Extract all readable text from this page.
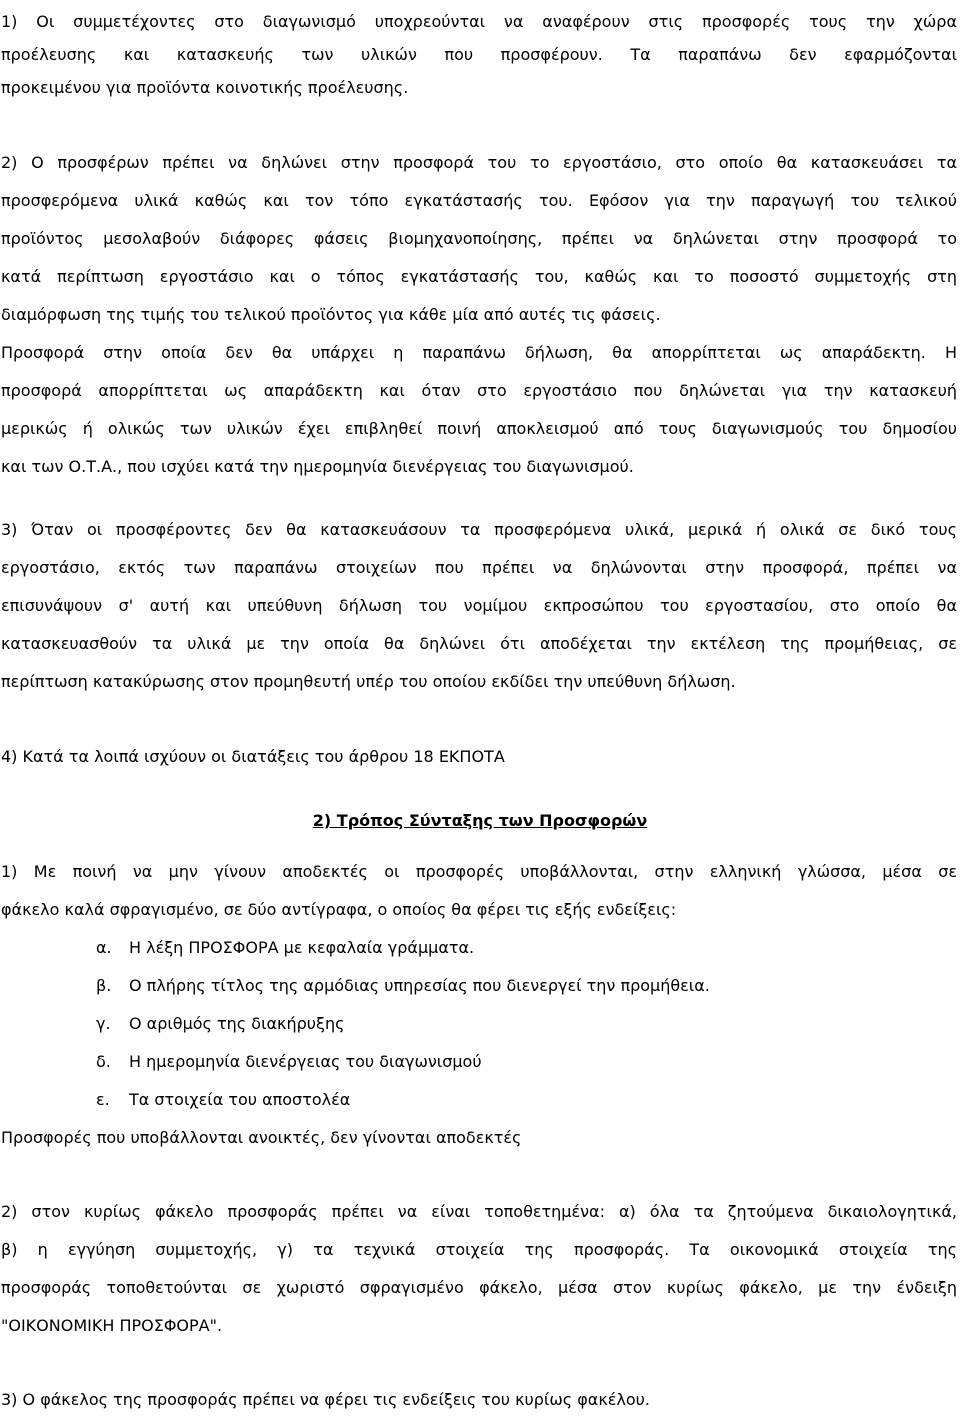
1) Οι συμμετέχοντες στο διαγωνισμό υποχρεούνται να αναφέρουν στις προσφορές τους την χώρα
προέλευσης και κατασκευής των υλικών που προσφέρουν. Τα παραπάνω δεν εφαρμόζονται
προκειμένου για προϊόντα κοινοτικής προέλευσης.
2) Ο προσφέρων πρέπει να δηλώνει στην προσφορά του το εργοστάσιο, στο οποίο θα κατασκευάσει τα
προσφερόμενα υλικά καθώς και τον τόπο εγκατάστασής του. Εφόσον για την παραγωγή του τελικού
προϊόντος μεσολαβούν διάφορες φάσεις βιομηχανοποίησης, πρέπει να δηλώνεται στην προσφορά το
κατά περίπτωση εργοστάσιο και ο τόπος εγκατάστασής του, καθώς και το ποσοστό συμμετοχής στη
διαμόρφωση της τιμής του τελικού προϊόντος για κάθε μία από αυτές τις φάσεις.
Προσφορά στην οποία δεν θα υπάρχει η παραπάνω δήλωση, θα απορρίπτεται ως απαράδεκτη. Η
προσφορά απορρίπτεται ως απαράδεκτη και όταν στο εργοστάσιο που δηλώνεται για την κατασκευή
μερικώς ή ολικώς των υλικών έχει επιβληθεί ποινή αποκλεισμού από τους διαγωνισμούς του δημοσίου
και των Ο.Τ.Α., που ισχύει κατά την ημερομηνία διενέργειας του διαγωνισμού.
3) Όταν οι προσφέροντες δεν θα κατασκευάσουν τα προσφερόμενα υλικά, μερικά ή ολικά σε δικό τους
εργοστάσιο, εκτός των παραπάνω στοιχείων που πρέπει να δηλώνονται στην προσφορά, πρέπει να
επισυνάψουν σ' αυτή και υπεύθυνη δήλωση του νομίμου εκπροσώπου του εργοστασίου, στο οποίο θα
κατασκευασθούν τα υλικά με την οποία θα δηλώνει ότι αποδέχεται την εκτέλεση της προμήθειας, σε
περίπτωση κατακύρωσης στον προμηθευτή υπέρ του οποίου εκδίδει την υπεύθυνη δήλωση.
4) Κατά τα λοιπά ισχύουν οι διατάξεις του άρθρου 18 ΕΚΠΟΤΑ
2) Τρόπος Σύνταξης των Προσφορών
1) Με ποινή να μην γίνουν αποδεκτές οι προσφορές υποβάλλονται, στην ελληνική γλώσσα, μέσα σε
φάκελο καλά σφραγισμένο, σε δύο αντίγραφα, ο οποίος θα φέρει τις εξής ενδείξεις:
α. Η λέξη ΠΡΟΣΦΟΡΑ με κεφαλαία γράμματα.
β. Ο πλήρης τίτλος της αρμόδιας υπηρεσίας που διενεργεί την προμήθεια.
γ. Ο αριθμός της διακήρυξης
δ. Η ημερομηνία διενέργειας του διαγωνισμού
ε. Τα στοιχεία του αποστολέα
Προσφορές που υποβάλλονται ανοικτές, δεν γίνονται αποδεκτές
2) στον κυρίως φάκελο προσφοράς πρέπει να είναι τοποθετημένα: α) όλα τα ζητούμενα δικαιολογητικά,
β) η εγγύηση συμμετοχής, γ) τα τεχνικά στοιχεία της προσφοράς. Τα οικονομικά στοιχεία της
προσφοράς τοποθετούνται σε χωριστό σφραγισμένο φάκελο, μέσα στον κυρίως φάκελο, με την ένδειξη
"ΟΙΚΟΝΟΜΙΚΗ ΠΡΟΣΦΟΡΑ".
3) Ο φάκελος της προσφοράς πρέπει να φέρει τις ενδείξεις του κυρίως φακέλου.
